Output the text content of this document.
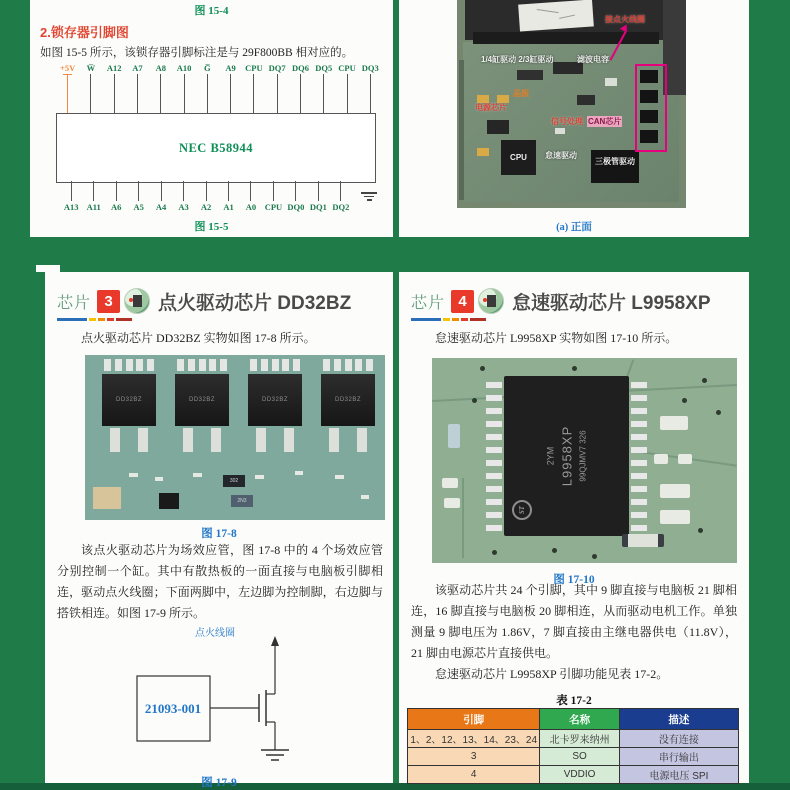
图 15-4
2.锁存器引脚图
如图 15-5 所示，该锁存器引脚标注是与 29F800BB 相对应的。
+5V W̅ A12 A7 A8 A10 G̅ A9 CPU DQ7 DQ6 DQ5 CPU DQ3
NEC B58944
A13 A11 A6 A5 A4 A3 A2 A1 A0 CPU DQ0 DQ1 DQ2
图 15-5
CPU
接点火线圈
1/4缸驱动 2/3缸驱动	滤波电容
晶振
电源芯片
信号处理 CAN芯片
怠速驱动
三极管驱动
(a) 正面
芯片 3	点火驱动芯片 DD32BZ
点火驱动芯片 DD32BZ 实物如图 17-8 所示。
302
2N3
DD32BZ	DD32BZ	DD32BZ	DD32BZ
图 17-8
该点火驱动芯片为场效应管，图 17-8 中的 4 个场效应管分别控制一个缸。其中有散热板的一面直接与电脑板引脚相连，驱动点火线圈；下面两脚中，左边脚为控制脚，右边脚与搭铁相连。如图 17-9 所示。
点火线圈
21093-001
图 17-9
芯片 4	怠速驱动芯片 L9958XP
怠速驱动芯片 L9958XP 实物如图 17-10 所示。
2YM L9958XP 99QJMV7 326
ST
图 17-10
该驱动芯片共 24 个引脚，其中 9 脚直接与电脑板 21 脚相连，16 脚直接与电脑板 20 脚相连，从而驱动电机工作。单独测量 9 脚电压为 1.86V，7 脚直接由主继电器供电（11.8V），21 脚由电源芯片直接供电。
怠速驱动芯片 L9958XP 引脚功能见表 17-2。
表 17-2
引脚	名称	描述
1、2、12、13、14、23、24	北卡罗来纳州	没有连接
3	SO	串行输出
4	VDDIO	电源电压 SPI
